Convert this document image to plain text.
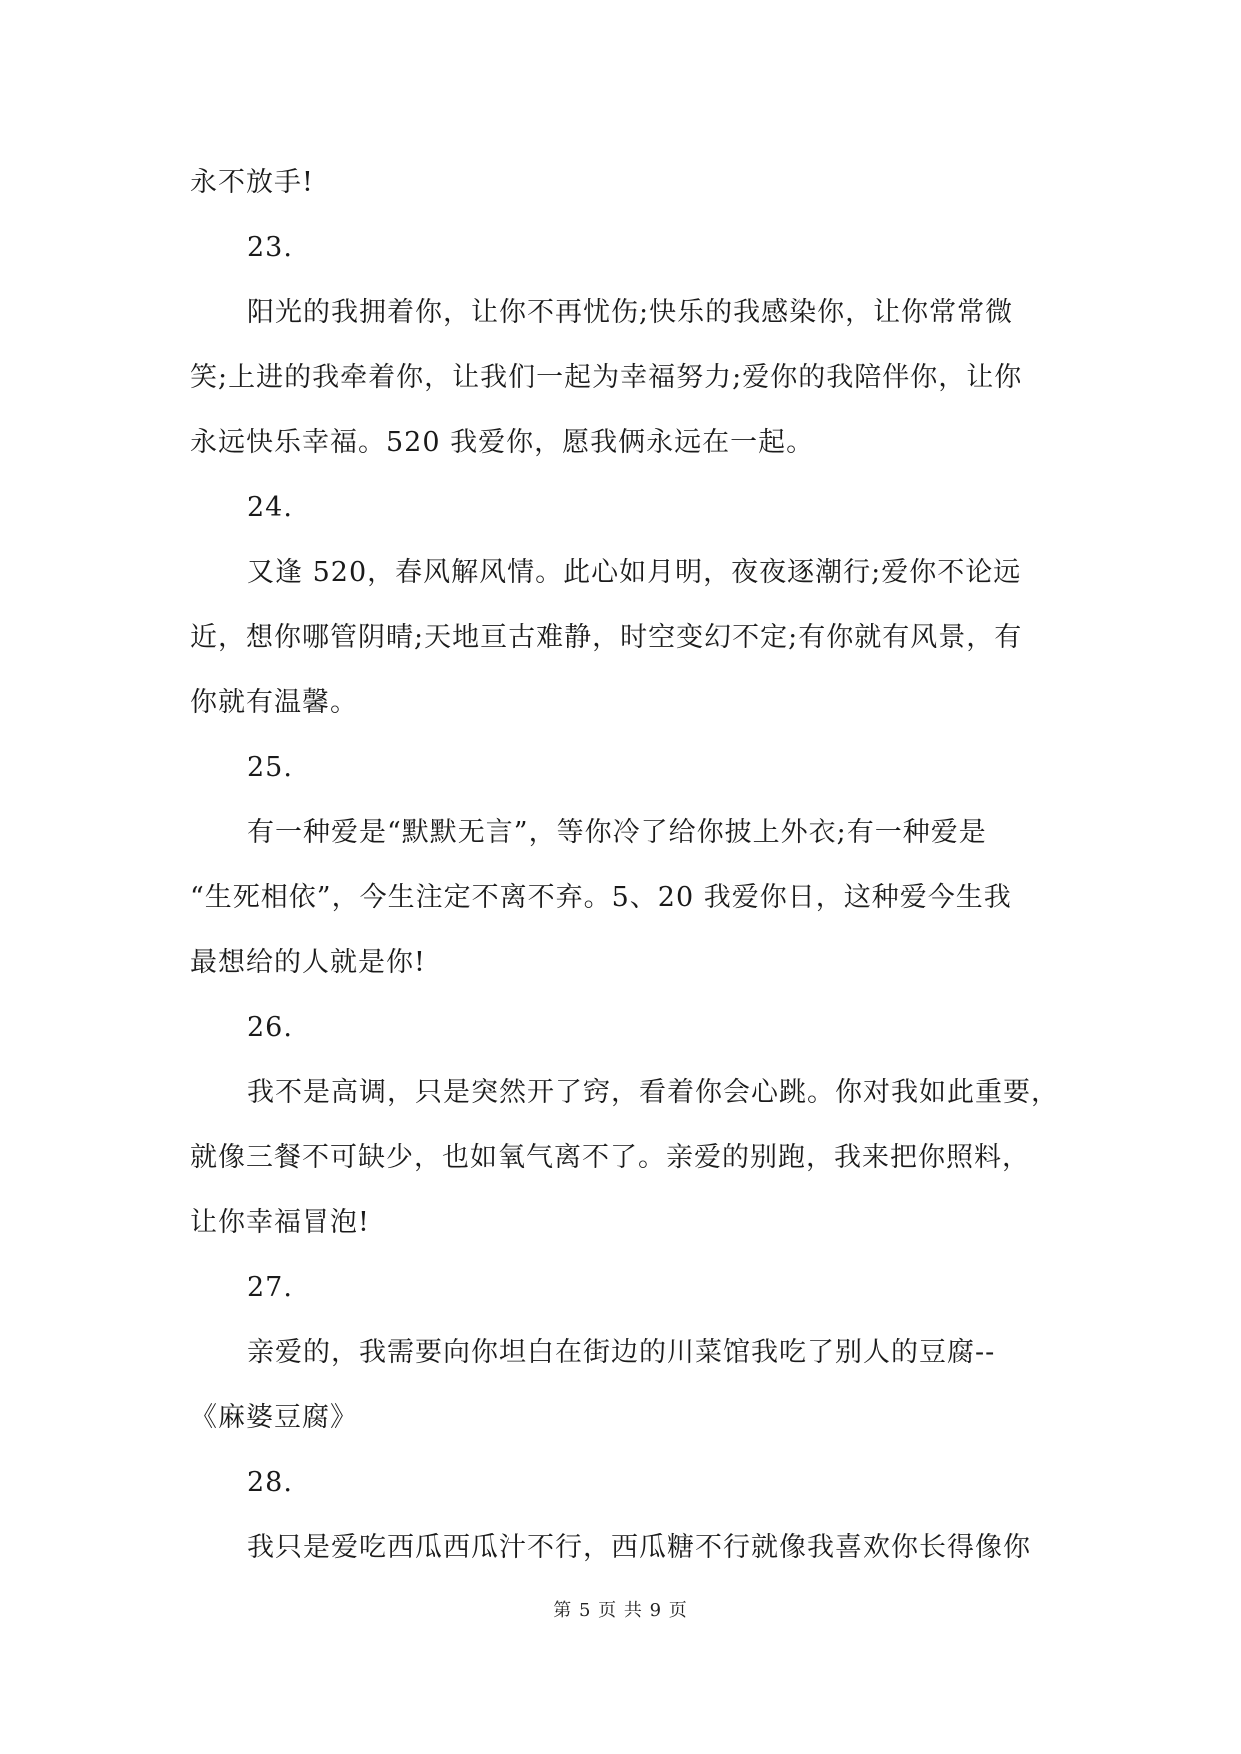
永不放手!
23.
阳光的我拥着你，让你不再忧伤;快乐的我感染你，让你常常微
笑;上进的我牵着你，让我们一起为幸福努力;爱你的我陪伴你，让你
永远快乐幸福。520 我爱你，愿我俩永远在一起。
24.
又逢 520，春风解风情。此心如月明，夜夜逐潮行;爱你不论远
近，想你哪管阴晴;天地亘古难静，时空变幻不定;有你就有风景，有
你就有温馨。
25.
有一种爱是“默默无言”，等你冷了给你披上外衣;有一种爱是
“生死相依”，今生注定不离不弃。5、20 我爱你日，这种爱今生我
最想给的人就是你!
26.
我不是高调，只是突然开了窍，看着你会心跳。你对我如此重要，
就像三餐不可缺少，也如氧气离不了。亲爱的别跑，我来把你照料，
让你幸福冒泡!
27.
亲爱的，我需要向你坦白在街边的川菜馆我吃了别人的豆腐--
《麻婆豆腐》
28.
我只是爱吃西瓜西瓜汁不行，西瓜糖不行就像我喜欢你长得像你
第 5 页 共 9 页
